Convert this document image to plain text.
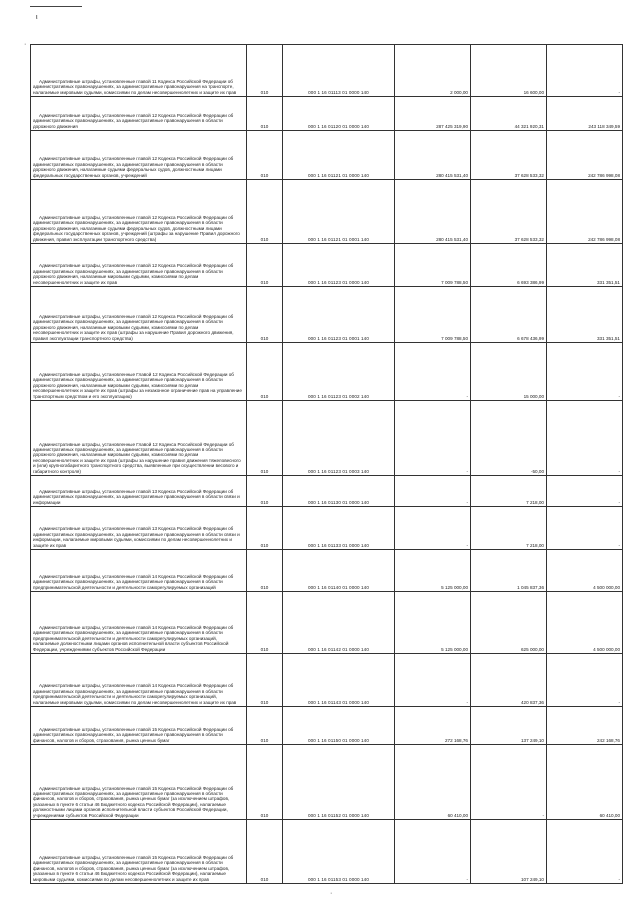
ι
·
·
Административные штрафы, установленные главой 11 Кодекса Российской Федерации об административных правонарушениях, за административные правонарушения на транспорте, налагаемые мировыми судьями, комиссиями по делам несовершеннолетних и защите их прав	010	000 1 16 01113 01 0000 140	2 000,00	16 600,00	-

Административные штрафы, установленные главой 12 Кодекса Российской Федерации об административных правонарушениях, за административные правонарушения в области дорожного движения	010	000 1 16 01120 01 0000 140	287 425 319,90	44 321 920,31	243 118 349,59

Административные штрафы, установленные главой 12 Кодекса Российской Федерации об административных правонарушениях, за административные правонарушения в области дорожного движения, налагаемые судьями федеральных судов, должностными лицами федеральных государственных органов, учреждений	010	000 1 16 01121 01 0000 140	280 415 531,40	37 628 533,32	242 786 998,08

Административные штрафы, установленные главой 12 Кодекса Российской Федерации об административных правонарушениях, за административные правонарушения в области дорожного движения, налагаемые судьями федеральных судов, должностными лицами федеральных государственных органов, учреждений (штрафы за нарушение Правил дорожного движения, правил эксплуатации транспортного средства)	010	000 1 16 01121 01 0001 140	280 415 531,40	37 628 533,32	242 786 998,08

Административные штрафы, установленные главой 12 Кодекса Российской Федерации об административных правонарушениях, за административные правонарушения в области дорожного движения, налагаемые мировыми судьями, комиссиями по делам несовершеннолетних и защите их прав	010	000 1 16 01123 01 0000 140	7 009 788,50	6 693 386,99	331 351,51

Административные штрафы, установленные главой 12 Кодекса Российской Федерации об административных правонарушениях, за административные правонарушения в области дорожного движения, налагаемые мировыми судьями, комиссиями по делам несовершеннолетних и защите их прав (штрафы за нарушение Правил дорожного движения, правил эксплуатации транспортного средства)	010	000 1 16 01123 01 0001 140	7 009 788,50	6 678 436,99	331 351,51

Административные штрафы, установленные Главой 12 Кодекса Российской Федерации об административных правонарушениях, за административные правонарушения в области дорожного движения, налагаемые мировыми судьями, комиссиями по делам несовершеннолетних и защите их прав (штрафы за незаконное ограничение прав на управление транспортным средством и его эксплуатацию)	010	000 1 16 01123 01 0002 140	-	15 000,00	-

Административные штрафы, установленные Главой 12 Кодекса Российской Федерации об административных правонарушениях, за административные правонарушения в области дорожного движения, налагаемые мировыми судьями, комиссиями по делам несовершеннолетних и защите их прав (штрафы за нарушение правил движения тяжеловесного и (или) крупногабаритного транспортного средства, выявленные при осуществлении весового и габаритного контроля)	010	000 1 16 01123 01 0003 140	-	-50,00	-

Административные штрафы, установленные главой 13 Кодекса Российской Федерации об административных правонарушениях, за административные правонарушения в области связи и информации	010	000 1 16 01130 01 0000 140	-	7 218,00	-

Административные штрафы, установленные главой 13 Кодекса Российской Федерации об административных правонарушениях, за административные правонарушения в области связи и информации, налагаемые мировыми судьями, комиссиями по делам несовершеннолетних и защите их прав	010	000 1 16 01133 01 0000 140	-	7 218,00	-

Административные штрафы, установленные главой 14 Кодекса Российской Федерации об административных правонарушениях, за административные правонарушения в области предпринимательской деятельности и деятельности саморегулируемых организаций	010	000 1 16 01140 01 0000 140	5 125 000,00	1 045 837,36	4 500 000,00

Административные штрафы, установленные главой 14 Кодекса Российской Федерации об административных правонарушениях, за административные правонарушения в области предпринимательской деятельности и деятельности саморегулируемых организаций, налагаемые должностными лицами органов исполнительной власти субъектов Российской Федерации, учреждениями субъектов Российской Федерации	010	000 1 16 01142 01 0000 140	5 125 000,00	625 000,00	4 500 000,00

Административные штрафы, установленные главой 14 Кодекса Российской Федерации об административных правонарушениях, за административные правонарушения в области предпринимательской деятельности и деятельности саморегулируемых организаций, налагаемые мировыми судьями, комиссиями по делам несовершеннолетних и защите их прав	010	000 1 16 01143 01 0000 140	-	420 837,36	-

Административные штрафы, установленные главой 15 Кодекса Российской Федерации об административных правонарушениях, за административные правонарушения в области финансов, налогов и сборов, страхования, рынка ценных бумаг	010	000 1 16 01150 01 0000 140	272 168,76	137 249,10	242 168,76

Административные штрафы, установленные главой 15 Кодекса Российской Федерации об административных правонарушениях, за административные правонарушения в области финансов, налогов и сборов, страхования, рынка ценных бумаг (за исключением штрафов, указанных в пункте 6 статьи 46 Бюджетного кодекса Российской Федерации), налагаемые должностными лицами органов исполнительной власти субъектов Российской Федерации, учреждениями субъектов Российской Федерации	010	000 1 16 01152 01 0000 140	60 410,00	-	60 410,00

Административные штрафы, установленные главой 15 Кодекса Российской Федерации об административных правонарушениях, за административные правонарушения в области финансов, налогов и сборов, страхования, рынка ценных бумаг (за исключением штрафов, указанных в пункте 6 статьи 46 Бюджетного кодекса Российской Федерации), налагаемые мировыми судьями, комиссиями по делам несовершеннолетних и защите их прав	010	000 1 16 01153 01 0000 140	-	107 249,10	-
